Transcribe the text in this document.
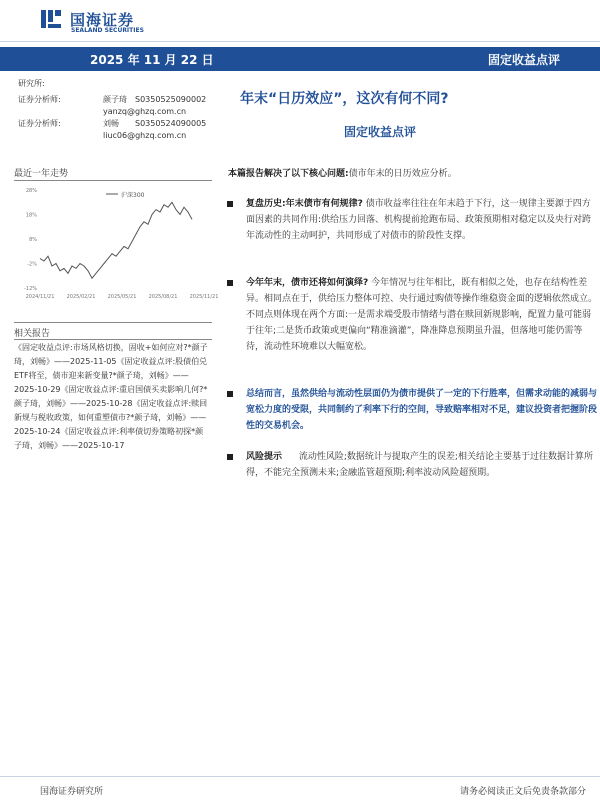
国海证券
SEALAND SECURITIES
2025 年 11 月 22 日	固定收益点评
研究所:
证券分析师:	颜子琦 S0350525090002
yanzq@ghzq.com.cn
证券分析师:	刘畅 S0350524090005
liuc06@ghzq.com.cn
年末“日历效应”，这次有何不同?
固定收益点评
最近一年走势
28%
18%
8%
-2%
-12%
2024/11/21 2025/02/21 2025/05/21 2025/08/21 2025/11/21
沪深300
相关报告

《固定收益点评:市场风格切换，固收+如何应对?*颜子琦，刘畅》——2025-11-05《固定收益点评:股债伯兑ETF将至，债市迎来新变量?*颜子琦，刘畅》——2025-10-29《固定收益点评:重启国债买卖影响几何?*颜子琦，刘畅》——2025-10-28《固定收益点评:赎回新规与税收政策，如何重塑债市?*颜子琦，刘畅》——2025-10-24《固定收益点评:利率债切券策略初探*颜子琦，刘畅》——2025-10-17

本篇报告解决了以下核心问题:债市年末的日历效应分析。
复盘历史:年末债市有何规律? 债市收益率往往在年末趋于下行，这一规律主要源于四方面因素的共同作用:供给压力回落、机构提前抢跑布局、政策预期相对稳定以及央行对跨年流动性的主动呵护，共同形成了对债市的阶段性支撑。
今年年末，债市还将如何演绎? 今年情况与往年相比，既有相似之处，也存在结构性差异。相同点在于，供给压力整体可控、央行通过购债等操作维稳资金面的逻辑依然成立。不同点则体现在两个方面:一是需求端受股市情绪与潜在赎回新规影响，配置力量可能弱于往年;二是货币政策或更偏向“精准滴灌”，降准降息预期虽升温，但落地可能仍需等待，流动性环境难以大幅宽松。
总结而言，虽然供给与流动性层面仍为债市提供了一定的下行胜率，但需求动能的减弱与宽松力度的受限，共同制约了利率下行的空间，导致赔率相对不足，建议投资者把握阶段性的交易机会。
风险提示 流动性风险;数据统计与提取产生的误差;相关结论主要基于过往数据计算所得，不能完全预测未来;金融监管超预期;利率波动风险超预期。
国海证券研究所	请务必阅读正文后免责条款部分
